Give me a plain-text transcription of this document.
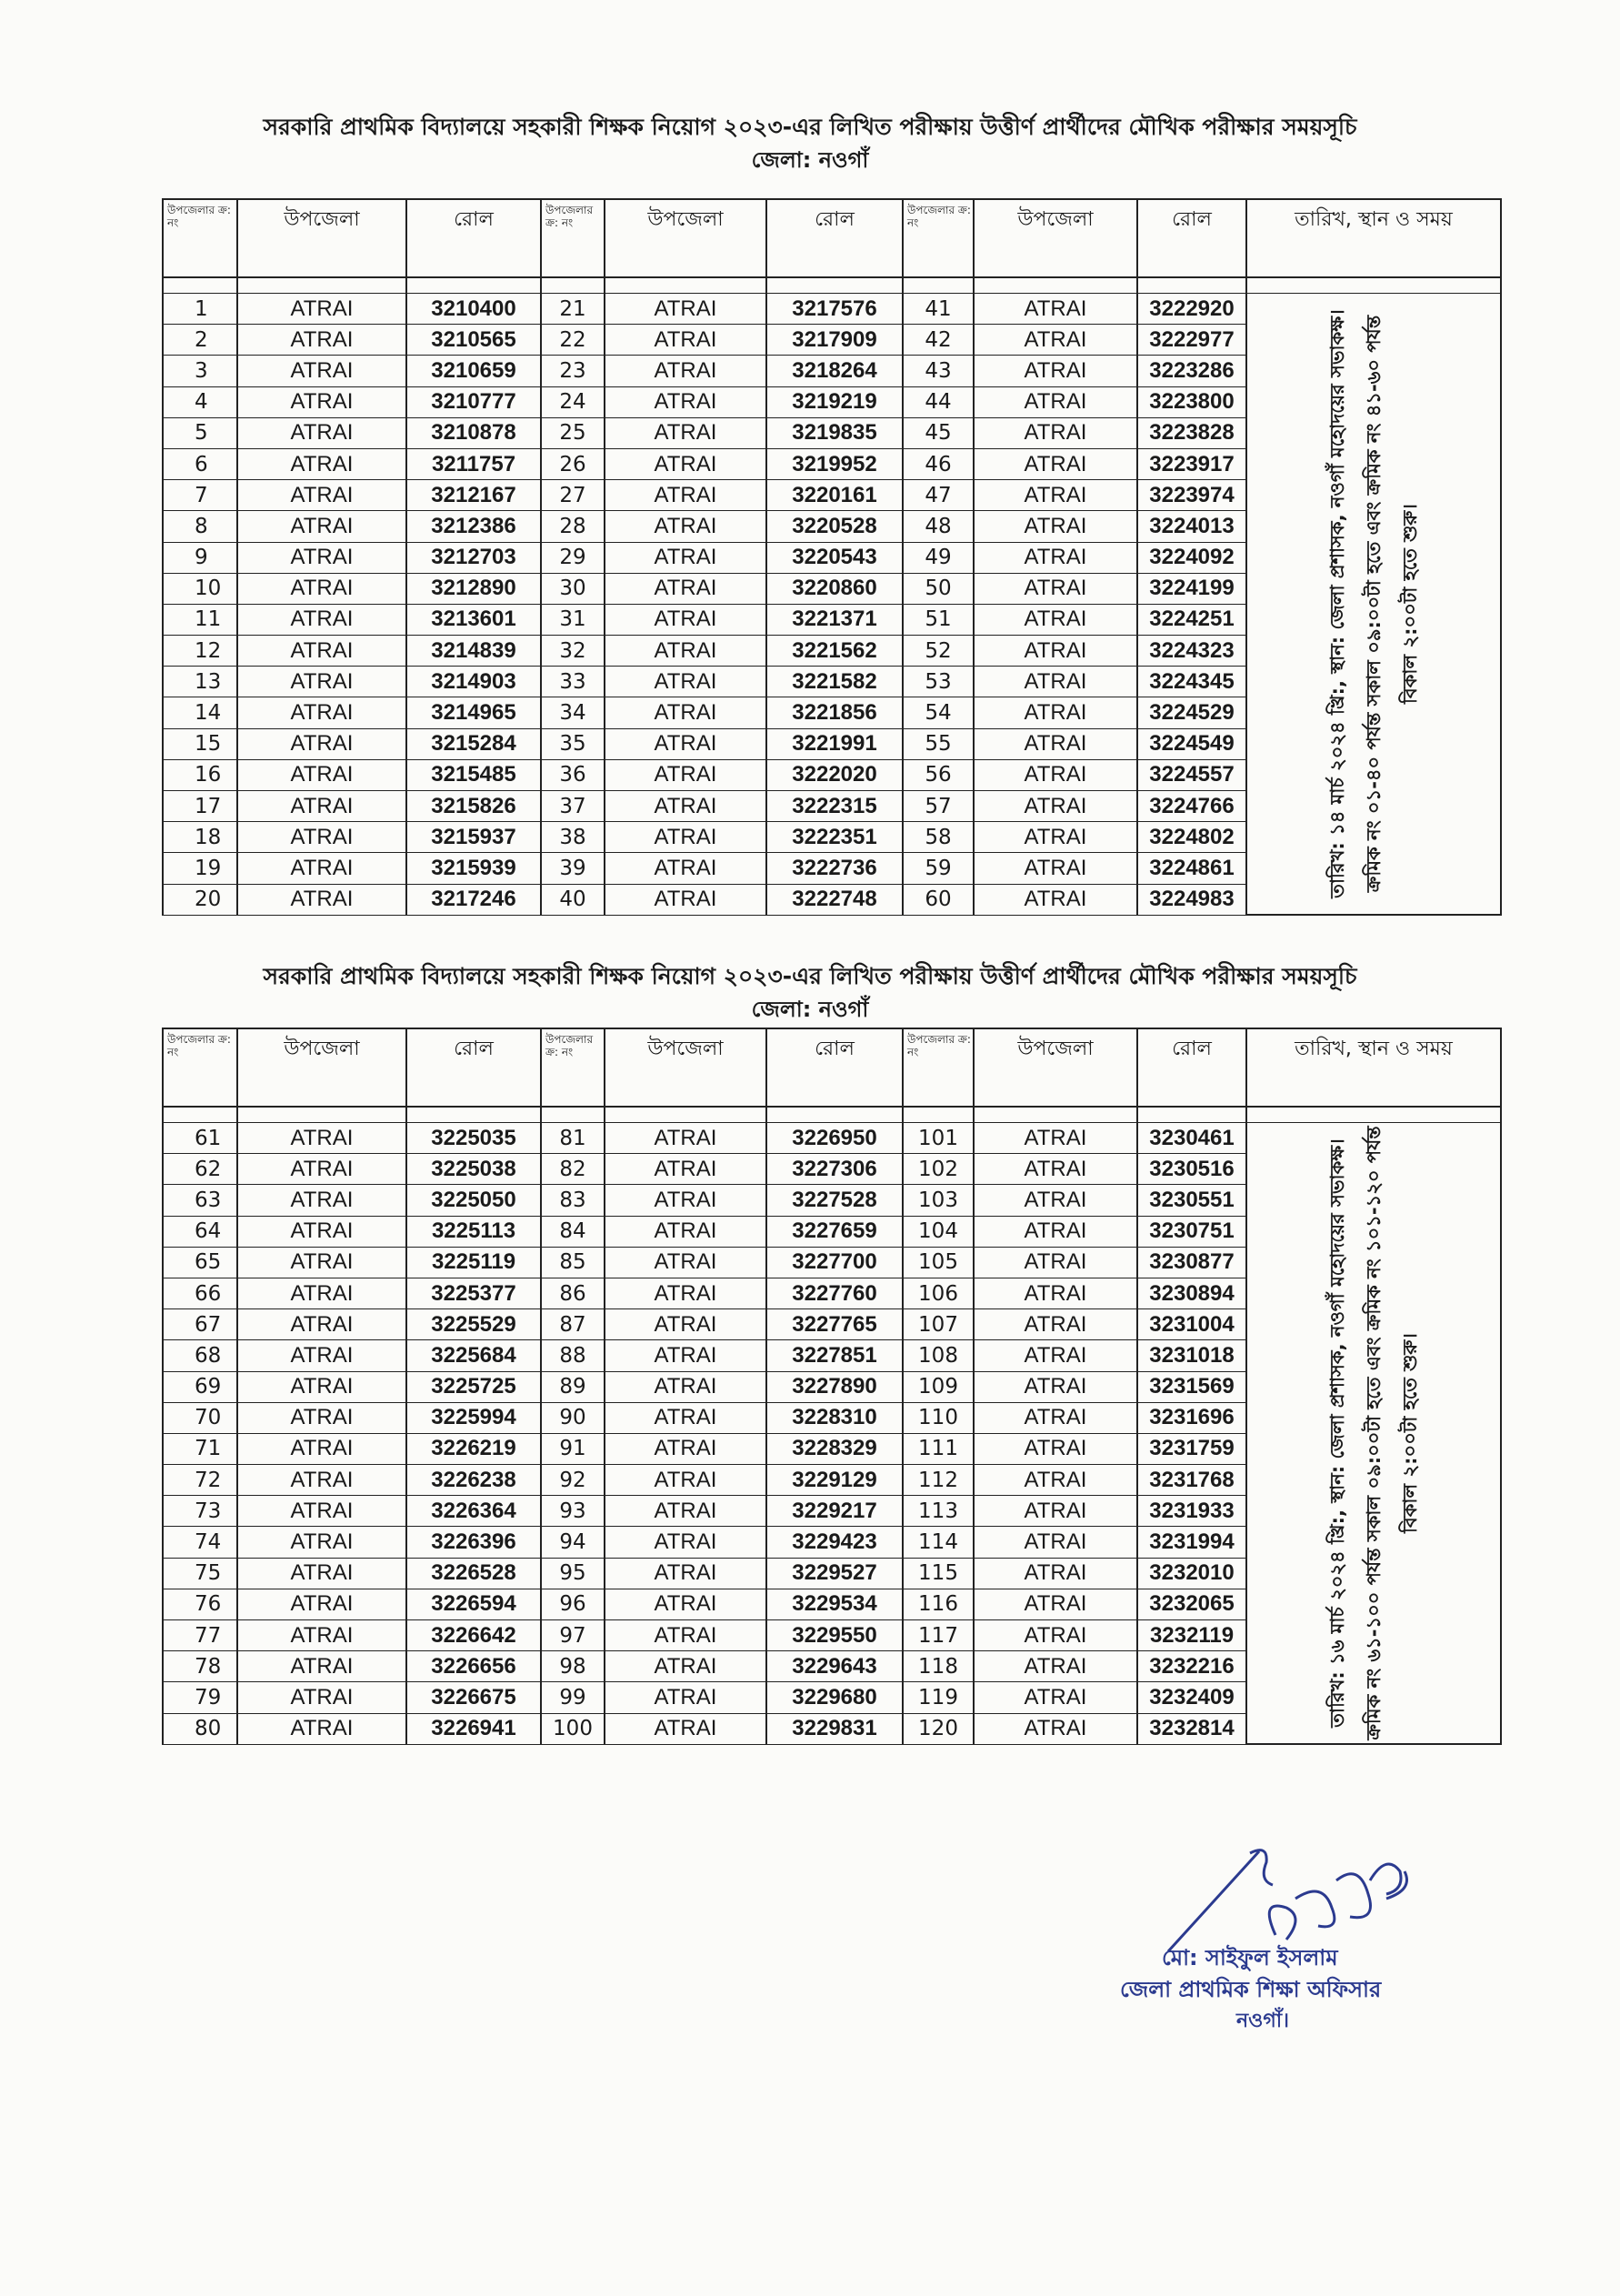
সরকারি প্রাথমিক বিদ্যালয়ে সহকারী শিক্ষক নিয়োগ ২০২৩-এর লিখিত পরীক্ষায় উত্তীর্ণ প্রার্থীদের মৌখিক পরীক্ষার সময়সূচি
জেলা: নওগাঁ
উপজেলার ক্র: নং	উপজেলা	রোল	উপজেলার ক্র: নং	উপজেলা	রোল	উপজেলার ক্র: নং	উপজেলা	রোল	তারিখ, স্থান ও সময়

1	ATRAI	3210400	21	ATRAI	3217576	41	ATRAI	3222920	তারিখ: ১৪ মার্চ ২০২৪ খ্রি:, স্থান: জেলা প্রশাসক, নওগাঁ মহোদয়ের সভাকক্ষ। ক্রমিক নং ০১-৪০ পর্যন্ত সকাল ০৯:০০টা হতে এবং ক্রমিক নং ৪১-৬০ পর্যন্ত বিকাল ২:০০টা হতে শুরু।

2	ATRAI	3210565	22	ATRAI	3217909	42	ATRAI	3222977	
3	ATRAI	3210659	23	ATRAI	3218264	43	ATRAI	3223286	
4	ATRAI	3210777	24	ATRAI	3219219	44	ATRAI	3223800	
5	ATRAI	3210878	25	ATRAI	3219835	45	ATRAI	3223828	
6	ATRAI	3211757	26	ATRAI	3219952	46	ATRAI	3223917	
7	ATRAI	3212167	27	ATRAI	3220161	47	ATRAI	3223974	
8	ATRAI	3212386	28	ATRAI	3220528	48	ATRAI	3224013	
9	ATRAI	3212703	29	ATRAI	3220543	49	ATRAI	3224092	
10	ATRAI	3212890	30	ATRAI	3220860	50	ATRAI	3224199	
11	ATRAI	3213601	31	ATRAI	3221371	51	ATRAI	3224251	
12	ATRAI	3214839	32	ATRAI	3221562	52	ATRAI	3224323	
13	ATRAI	3214903	33	ATRAI	3221582	53	ATRAI	3224345	
14	ATRAI	3214965	34	ATRAI	3221856	54	ATRAI	3224529	
15	ATRAI	3215284	35	ATRAI	3221991	55	ATRAI	3224549	
16	ATRAI	3215485	36	ATRAI	3222020	56	ATRAI	3224557	
17	ATRAI	3215826	37	ATRAI	3222315	57	ATRAI	3224766	
18	ATRAI	3215937	38	ATRAI	3222351	58	ATRAI	3224802	
19	ATRAI	3215939	39	ATRAI	3222736	59	ATRAI	3224861	
20	ATRAI	3217246	40	ATRAI	3222748	60	ATRAI	3224983	
সরকারি প্রাথমিক বিদ্যালয়ে সহকারী শিক্ষক নিয়োগ ২০২৩-এর লিখিত পরীক্ষায় উত্তীর্ণ প্রার্থীদের মৌখিক পরীক্ষার সময়সূচি
জেলা: নওগাঁ
উপজেলার ক্র: নং	উপজেলা	রোল	উপজেলার ক্র: নং	উপজেলা	রোল	উপজেলার ক্র: নং	উপজেলা	রোল	তারিখ, স্থান ও সময়

61	ATRAI	3225035	81	ATRAI	3226950	101	ATRAI	3230461	তারিখ: ১৬ মার্চ ২০২৪ খ্রি:, স্থান: জেলা প্রশাসক, নওগাঁ মহোদয়ের সভাকক্ষ। ক্রমিক নং ৬১-১০০ পর্যন্ত সকাল ০৯:০০টা হতে এবং ক্রমিক নং ১০১-১২০ পর্যন্ত বিকাল ২:০০টা হতে শুরু।

62	ATRAI	3225038	82	ATRAI	3227306	102	ATRAI	3230516	
63	ATRAI	3225050	83	ATRAI	3227528	103	ATRAI	3230551	
64	ATRAI	3225113	84	ATRAI	3227659	104	ATRAI	3230751	
65	ATRAI	3225119	85	ATRAI	3227700	105	ATRAI	3230877	
66	ATRAI	3225377	86	ATRAI	3227760	106	ATRAI	3230894	
67	ATRAI	3225529	87	ATRAI	3227765	107	ATRAI	3231004	
68	ATRAI	3225684	88	ATRAI	3227851	108	ATRAI	3231018	
69	ATRAI	3225725	89	ATRAI	3227890	109	ATRAI	3231569	
70	ATRAI	3225994	90	ATRAI	3228310	110	ATRAI	3231696	
71	ATRAI	3226219	91	ATRAI	3228329	111	ATRAI	3231759	
72	ATRAI	3226238	92	ATRAI	3229129	112	ATRAI	3231768	
73	ATRAI	3226364	93	ATRAI	3229217	113	ATRAI	3231933	
74	ATRAI	3226396	94	ATRAI	3229423	114	ATRAI	3231994	
75	ATRAI	3226528	95	ATRAI	3229527	115	ATRAI	3232010	
76	ATRAI	3226594	96	ATRAI	3229534	116	ATRAI	3232065	
77	ATRAI	3226642	97	ATRAI	3229550	117	ATRAI	3232119	
78	ATRAI	3226656	98	ATRAI	3229643	118	ATRAI	3232216	
79	ATRAI	3226675	99	ATRAI	3229680	119	ATRAI	3232409	
80	ATRAI	3226941	100	ATRAI	3229831	120	ATRAI	3232814	
মো: সাইফুল ইসলাম
জেলা প্রাথমিক শিক্ষা অফিসার
নওগাঁ।
